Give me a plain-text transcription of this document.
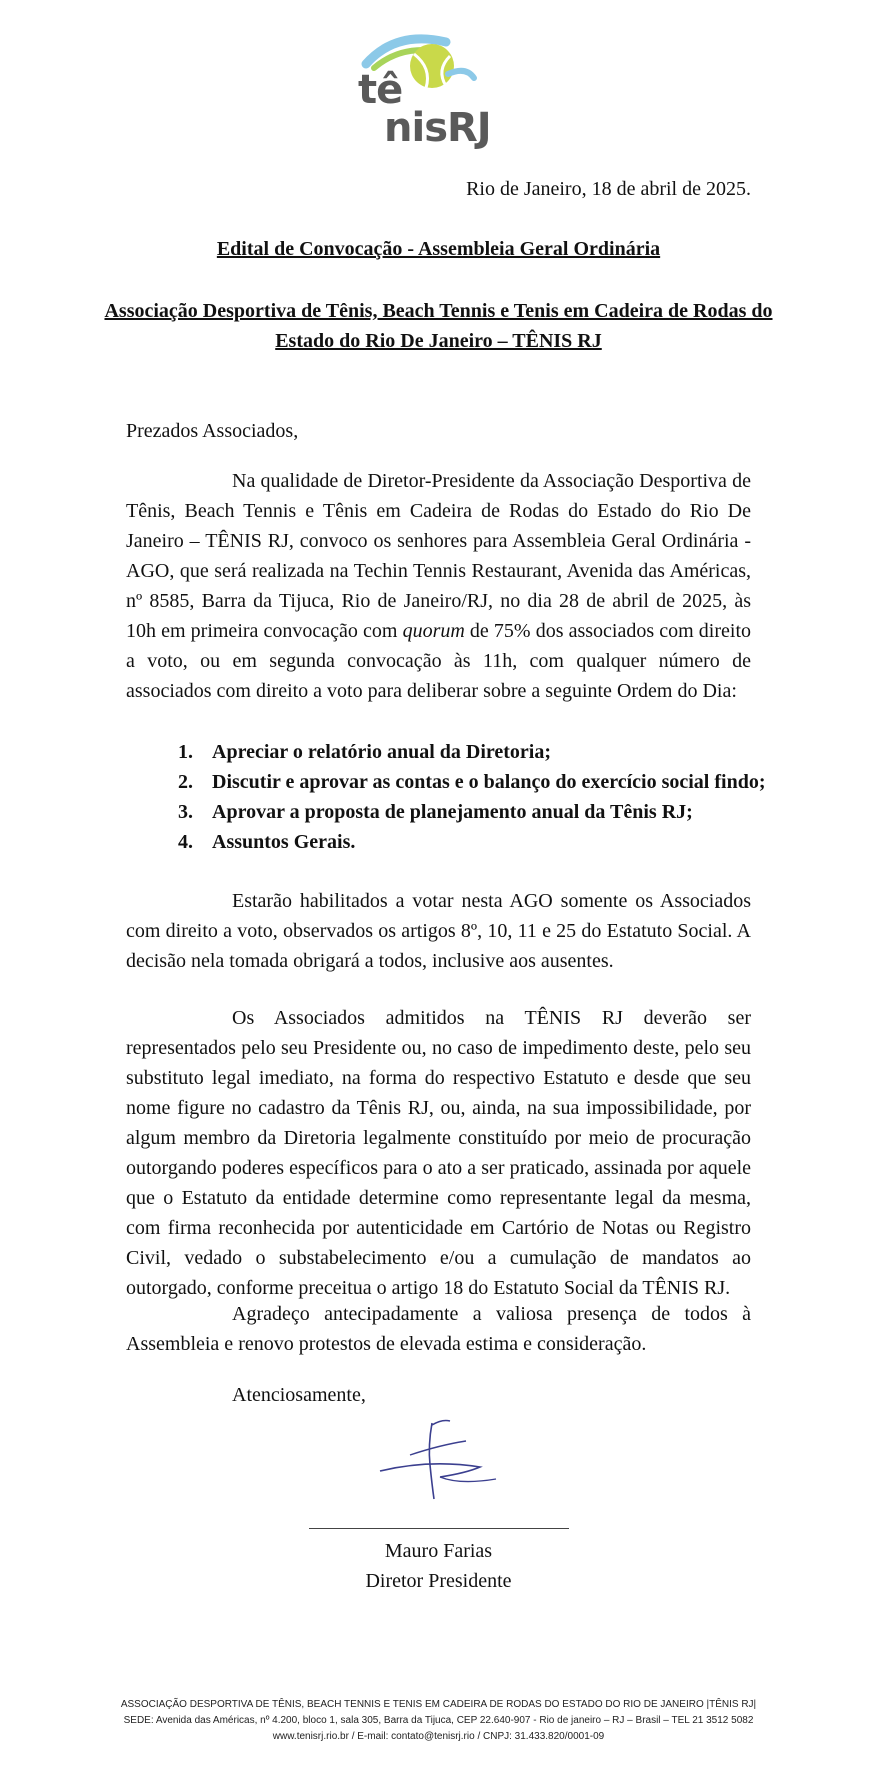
tê
nisRJ
Rio de Janeiro, 18 de abril de 2025.
Edital de Convocação - Assembleia Geral Ordinária
Associação Desportiva de Tênis, Beach Tennis e Tenis em Cadeira de Rodas do
Estado do Rio De Janeiro – TÊNIS RJ
Prezados Associados,
Na qualidade de Diretor-Presidente da Associação Desportiva de Tênis, Beach Tennis e Tênis em Cadeira de Rodas do Estado do Rio De Janeiro – TÊNIS RJ, convoco os senhores para Assembleia Geral Ordinária - AGO, que será realizada na Techin Tennis Restaurant, Avenida das Américas, nº 8585, Barra da Tijuca, Rio de Janeiro/RJ, no dia 28 de abril de 2025, às 10h em primeira convocação com quorum de 75% dos associados com direito a voto, ou em segunda convocação às 11h, com qualquer número de associados com direito a voto para deliberar sobre a seguinte Ordem do Dia:
1. Apreciar o relatório anual da Diretoria;
2. Discutir e aprovar as contas e o balanço do exercício social findo;
3. Aprovar a proposta de planejamento anual da Tênis RJ;
4. Assuntos Gerais.
Estarão habilitados a votar nesta AGO somente os Associados com direito a voto, observados os artigos 8º, 10, 11 e 25 do Estatuto Social. A decisão nela tomada obrigará a todos, inclusive aos ausentes.
Os Associados admitidos na TÊNIS RJ deverão ser representados pelo seu Presidente ou, no caso de impedimento deste, pelo seu substituto legal imediato, na forma do respectivo Estatuto e desde que seu nome figure no cadastro da Tênis RJ, ou, ainda, na sua impossibilidade, por algum membro da Diretoria legalmente constituído por meio de procuração outorgando poderes específicos para o ato a ser praticado, assinada por aquele que o Estatuto da entidade determine como representante legal da mesma, com firma reconhecida por autenticidade em Cartório de Notas ou Registro Civil, vedado o substabelecimento e/ou a cumulação de mandatos ao outorgado, conforme preceitua o artigo 18 do Estatuto Social da TÊNIS RJ.
Agradeço antecipadamente a valiosa presença de todos à Assembleia e renovo protestos de elevada estima e consideração.
Atenciosamente,
Mauro Farias
Diretor Presidente
ASSOCIAÇÃO DESPORTIVA DE TÊNIS, BEACH TENNIS E TENIS EM CADEIRA DE RODAS DO ESTADO DO RIO DE JANEIRO |TÊNIS RJ|
SEDE: Avenida das Américas, nº 4.200, bloco 1, sala 305, Barra da Tijuca, CEP 22.640-907 - Rio de janeiro – RJ – Brasil – TEL 21 3512 5082
www.tenisrj.rio.br / E-mail: contato@tenisrj.rio / CNPJ: 31.433.820/0001-09
